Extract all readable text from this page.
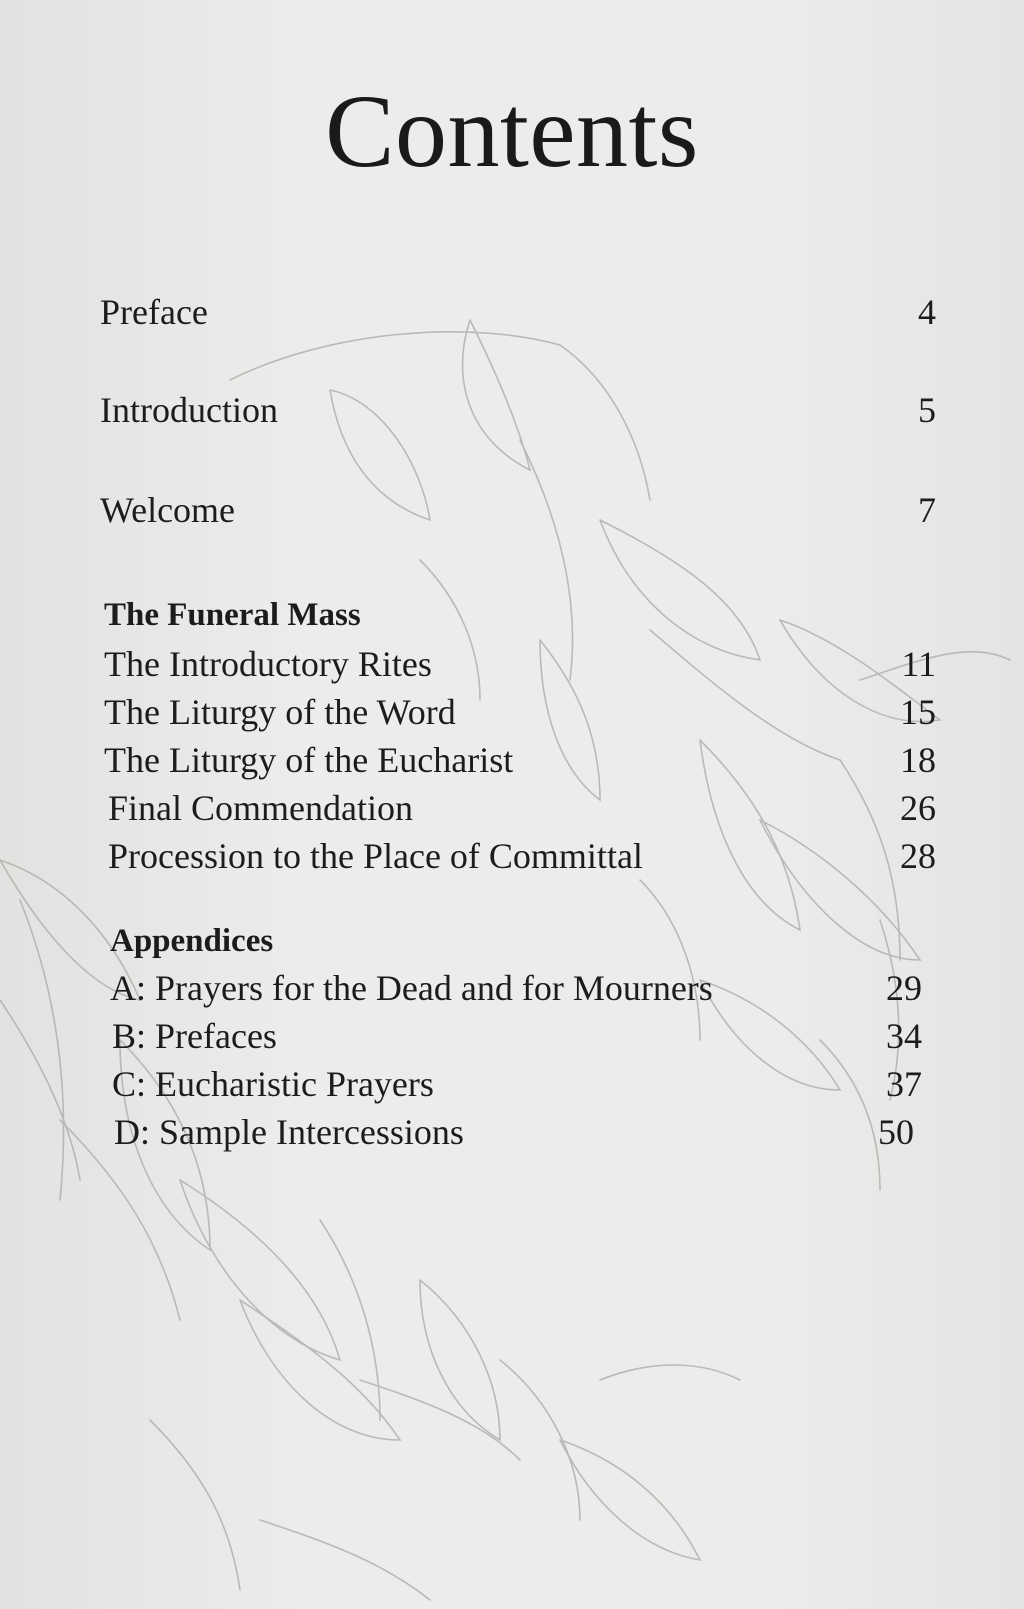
Contents
Preface	4
Introduction	5
Welcome	7
The Funeral Mass
The Introductory Rites	11
The Liturgy of the Word	15
The Liturgy of the Eucharist	18
Final Commendation	26
Procession to the Place of Committal	28
Appendices
A: Prayers for the Dead and for Mourners	29
B: Prefaces	34
C: Eucharistic Prayers	37
D: Sample Intercessions	50
